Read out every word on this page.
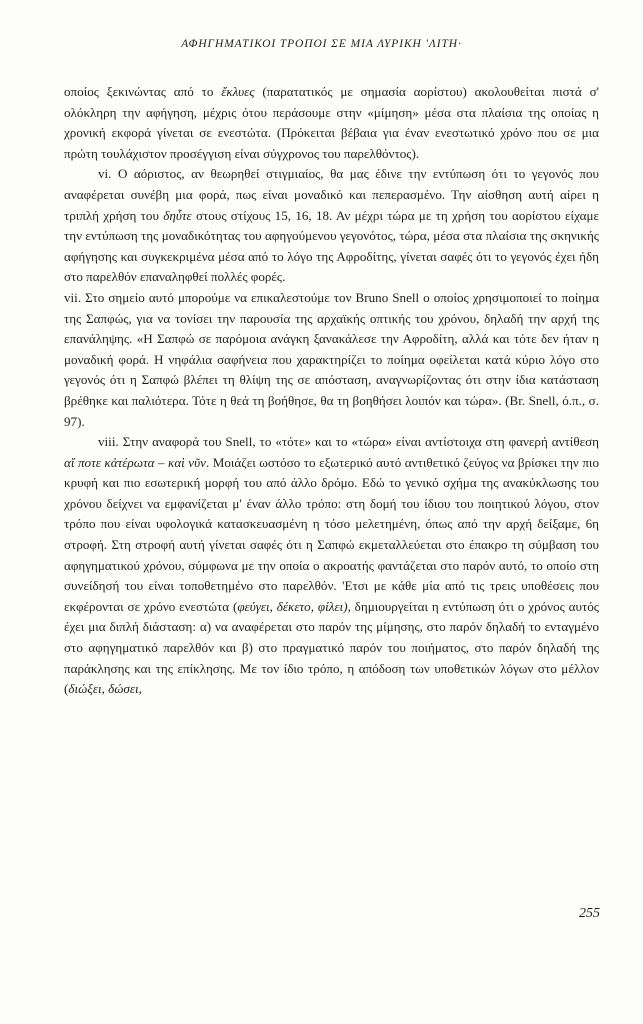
ΑΦΗΓΗΜΑΤΙΚΟΙ ΤΡΟΠΟΙ ΣΕ ΜΙΑ ΛΥΡΙΚΗ 'ΛΙΤΗ·

οποίος ξεκινώντας από το ἔκλυες (παρατατικός με σημασία αορίστου) ακολουθείται πιστά σ' ολόκληρη την αφήγηση, μέχρις ότου περάσουμε στην «μίμηση» μέσα στα πλαίσια της οποίας η χρονική εκφορά γίνεται σε ενεστώτα. (Πρόκειται βέβαια για έναν ενεστωτικό χρόνο που σε μια πρώτη τουλάχιστον προσέγγιση είναι σύγχρονος του παρελθόντος).

vi. Ο αόριστος, αν θεωρηθεί στιγμιαίος, θα μας έδινε την εντύπωση ότι το γεγονός που αναφέρεται συνέβη μια φορά, πως είναι μοναδικό και πεπερασμένο. Την αίσθηση αυτή αίρει η τριπλή χρήση του δηὖτε στους στίχους 15, 16, 18. Αν μέχρι τώρα με τη χρήση του αορίστου είχαμε την εντύπωση της μοναδικότητας του αφηγούμενου γεγονότος, τώρα, μέσα στα πλαίσια της σκηνικής αφήγησης και συγκεκριμένα μέσα από το λόγο της Αφροδίτης, γίνεται σαφές ότι το γεγονός έχει ήδη στο παρελθόν επαναληφθεί πολλές φορές.

vii. Στο σημείο αυτό μπορούμε να επικαλεστούμε τον Bruno Snell ο οποίος χρησιμοποιεί το ποίημα της Σαπφώς, για να τονίσει την παρουσία της αρχαϊκής οπτικής του χρόνου, δηλαδή την αρχή της επανάληψης. «Η Σαπφώ σε παρόμοια ανάγκη ξανακάλεσε την Αφροδίτη, αλλά και τότε δεν ήταν η μοναδική φορά. Η νηφάλια σαφήνεια που χαρακτηρίζει το ποίημα οφείλεται κατά κύριο λόγο στο γεγονός ότι η Σαπφώ βλέπει τη θλίψη της σε απόσταση, αναγνωρίζοντας ότι στην ίδια κατάσταση βρέθηκε και παλιότερα. Τότε η θεά τη βοήθησε, θα τη βοηθήσει λοιπόν και τώρα». (Br. Snell, ό.π., σ. 97).

viii. Στην αναφορά του Snell, το «τότε» και το «τώρα» είναι αντίστοιχα στη φανερή αντίθεση αἴ ποτε κἀτέρωτα – καὶ νῦν. Μοιάζει ωστόσο το εξωτερικό αυτό αντιθετικό ζεύγος να βρίσκει την πιο κρυφή και πιο εσωτερική μορφή του από άλλο δρόμο. Εδώ το γενικό σχήμα της ανακύκλωσης του χρόνου δείχνει να εμφανίζεται μ' έναν άλλο τρόπο: στη δομή του ίδιου του ποιητικού λόγου, στον τρόπο που είναι υφολογικά κατασκευασμένη η τόσο μελετημένη, όπως από την αρχή δείξαμε, 6η στροφή. Στη στροφή αυτή γίνεται σαφές ότι η Σαπφώ εκμεταλλεύεται στο έπακρο τη σύμβαση του αφηγηματικού χρόνου, σύμφωνα με την οποία ο ακροατής φαντάζεται στο παρόν αυτό, το οποίο στη συνείδησή του είναι τοποθετημένο στο παρελθόν. 'Ετσι με κάθε μία από τις τρεις υποθέσεις που εκφέρονται σε χρόνο ενεστώτα (φεύγει, δέκετο, φίλει), δημιουργείται η εντύπωση ότι ο χρόνος αυτός έχει μια διπλή διάσταση: α) να αναφέρεται στο παρόν της μίμησης, στο παρόν δηλαδή το ενταγμένο στο αφηγηματικό παρελθόν και β) στο πραγματικό παρόν του ποιήματος, στο παρόν δηλαδή της παράκλησης και της επίκλησης. Με τον ίδιο τρόπο, η απόδοση των υποθετικών λόγων στο μέλλον (διώξει, δώσει,

255
